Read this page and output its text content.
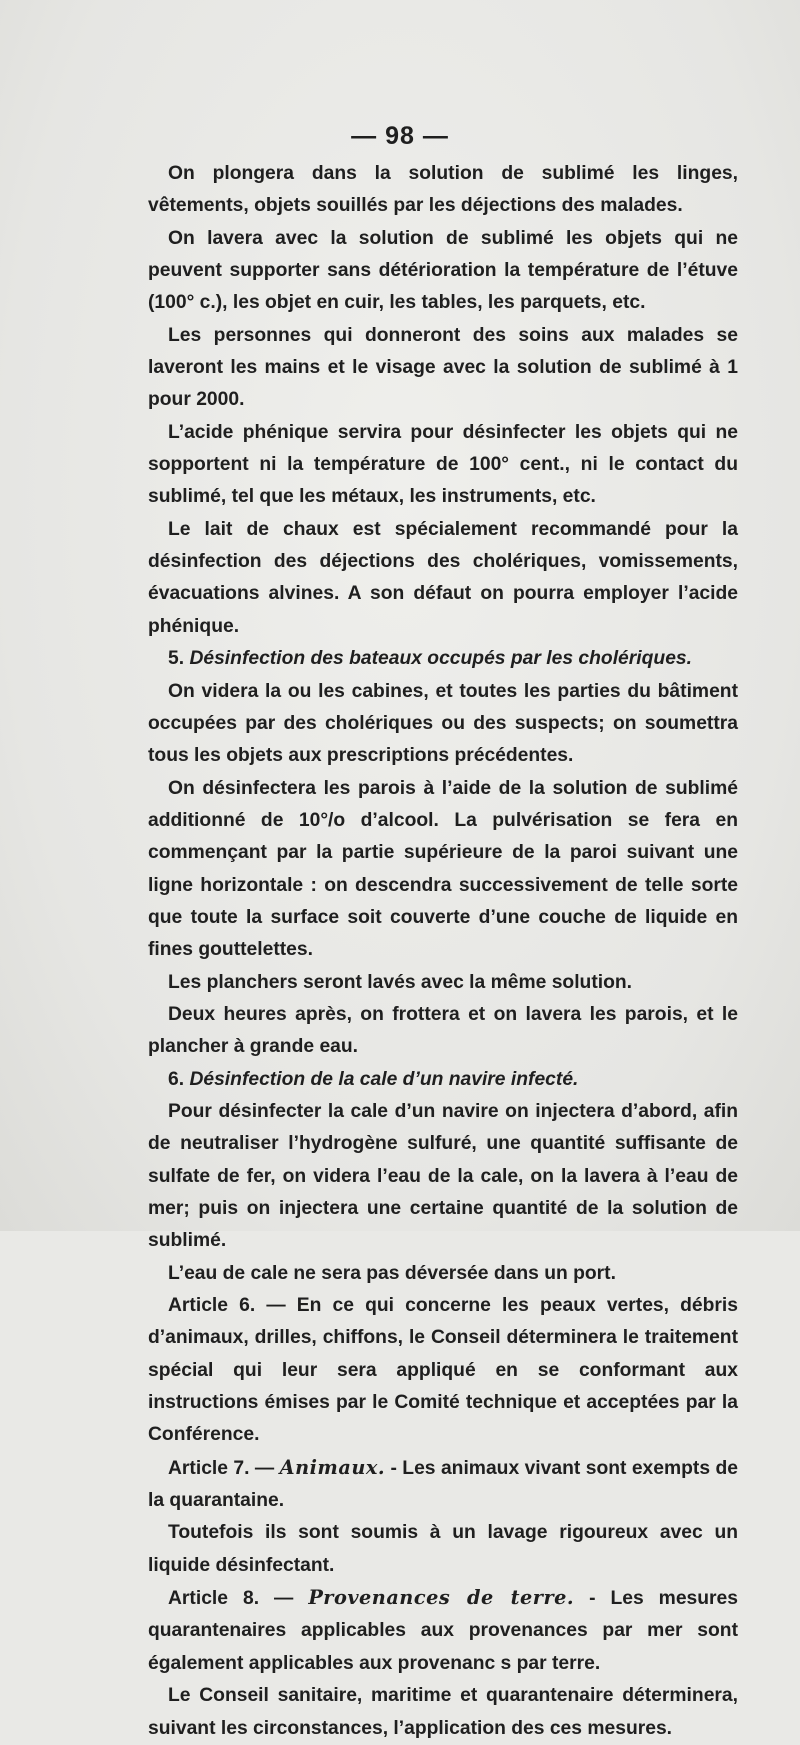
— 98 —

On plongera dans la solution de sublimé les linges, vêtements, objets souillés par les déjections des malades.

On lavera avec la solution de sublimé les objets qui ne peuvent supporter sans détérioration la température de l’étuve (100° c.), les objet en cuir, les tables, les parquets, etc.

Les personnes qui donneront des soins aux malades se laveront les mains et le visage avec la solution de sublimé à 1 pour 2000.

L’acide phénique servira pour désinfecter les objets qui ne sopportent ni la température de 100° cent., ni le contact du sublimé, tel que les métaux, les instruments, etc.

Le lait de chaux est spécialement recommandé pour la désinfection des déjections des cholériques, vomissements, évacuations alvines. A son défaut on pourra employer l’acide phénique.

5. Désinfection des bateaux occupés par les cholériques.

On videra la ou les cabines, et toutes les parties du bâtiment occupées par des cholériques ou des suspects; on soumettra tous les objets aux prescriptions précédentes.

On désinfectera les parois à l’aide de la solution de sublimé additionné de 10°/o d’alcool. La pulvérisation se fera en commençant par la partie supérieure de la paroi suivant une ligne horizontale : on descendra successivement de telle sorte que toute la surface soit couverte d’une couche de liquide en fines gouttelettes.

Les planchers seront lavés avec la même solution.

Deux heures après, on frottera et on lavera les parois, et le plancher à grande eau.

6. Désinfection de la cale d’un navire infecté.

Pour désinfecter la cale d’un navire on injectera d’abord, afin de neutraliser l’hydrogène sulfuré, une quantité suffisante de sulfate de fer, on videra l’eau de la cale, on la lavera à l’eau de mer; puis on injectera une certaine quantité de la solution de sublimé.

L’eau de cale ne sera pas déversée dans un port.

Article 6. — En ce qui concerne les peaux vertes, débris d’animaux, drilles, chiffons, le Conseil déterminera le traitement spécial qui leur sera appliqué en se conformant aux instructions émises par le Comité technique et acceptées par la Conférence.

Article 7. — Animaux. - Les animaux vivant sont exempts de la quarantaine.

Toutefois ils sont soumis à un lavage rigoureux avec un liquide désinfectant.

Article 8. — Provenances de terre. - Les mesures quarantenaires applicables aux provenances par mer sont également applicables aux provenanc s par terre.

Le Conseil sanitaire, maritime et quarantenaire déterminera, suivant les circonstances, l’application des ces mesures.
